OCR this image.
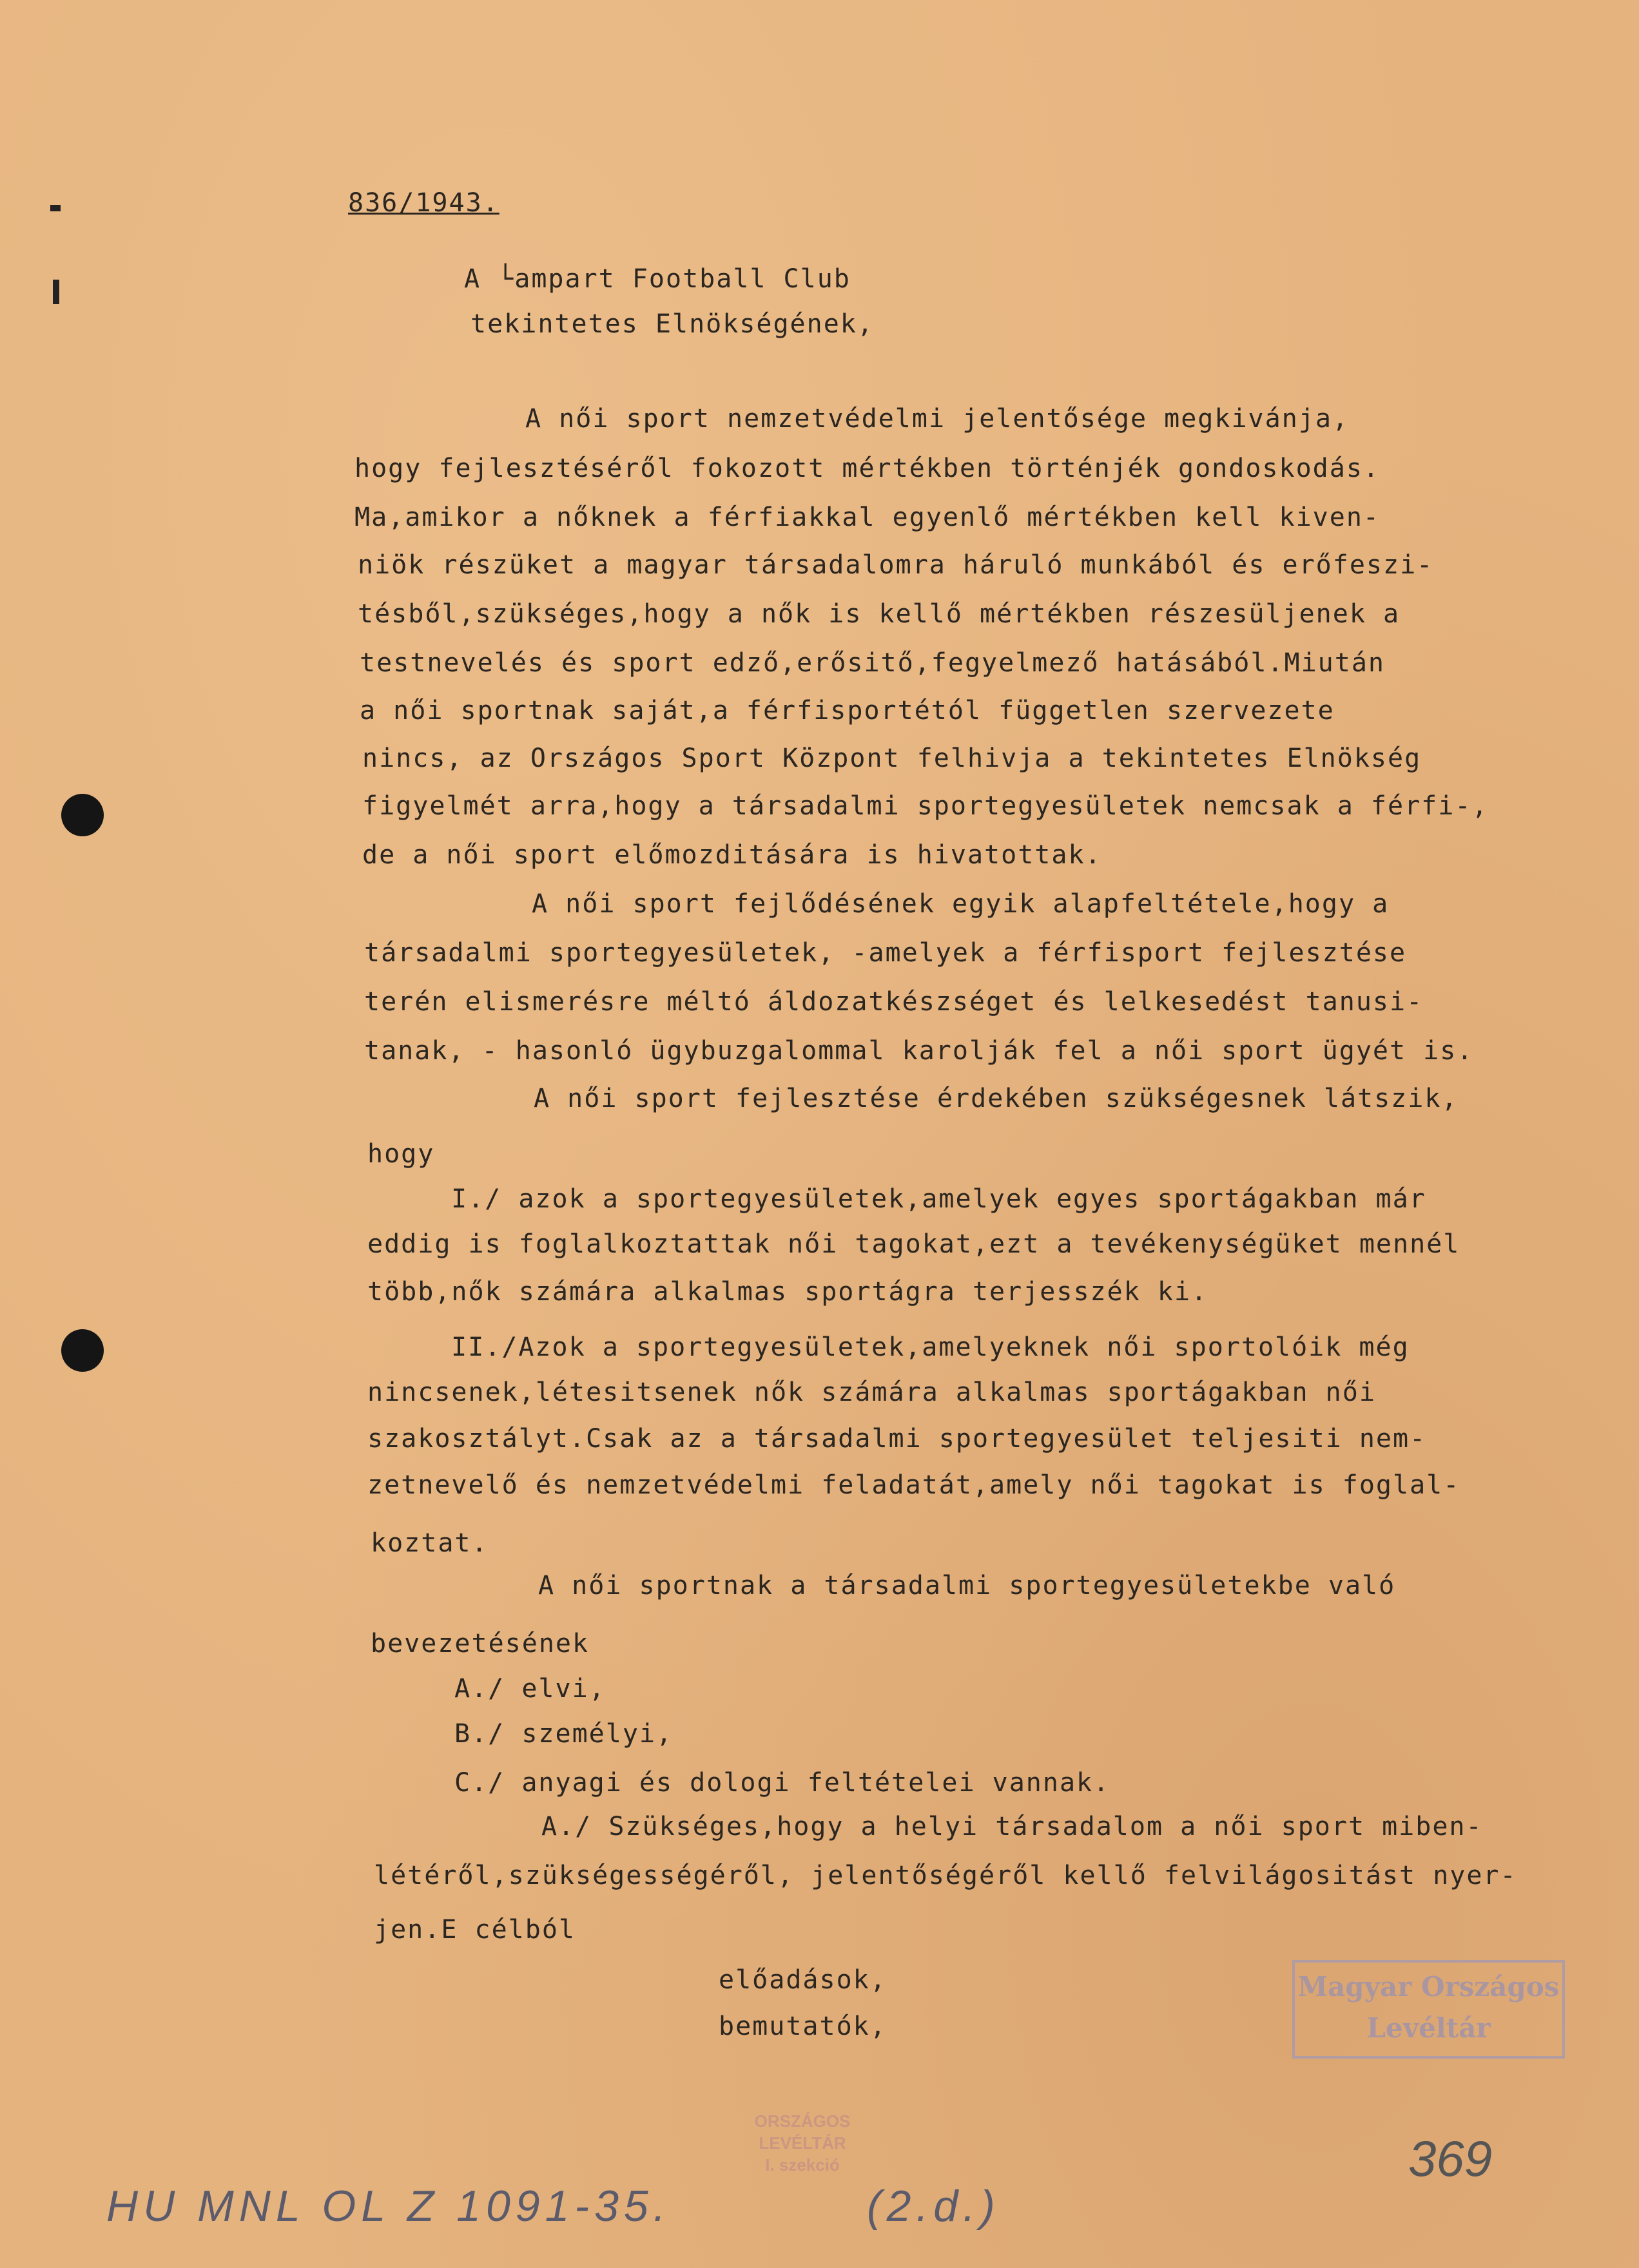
836/1943.
A └ampart Football Club
tekintetes Elnökségének,
A női sport nemzetvédelmi jelentősége megkivánja,
hogy fejlesztéséről fokozott mértékben történjék gondoskodás.
Ma,amikor a nőknek a férfiakkal egyenlő mértékben kell kiven-
niök részüket a magyar társadalomra háruló munkából és erőfeszi-
tésből,szükséges,hogy a nők is kellő mértékben részesüljenek a
testnevelés és sport edző,erősitő,fegyelmező hatásából.Miután
a női sportnak saját,a férfisportétól független szervezete
nincs, az Országos Sport Központ felhivja a tekintetes Elnökség
figyelmét arra,hogy a társadalmi sportegyesületek nemcsak a férfi-,
de a női sport előmozditására is hivatottak.
A női sport fejlődésének egyik alapfeltétele,hogy a
társadalmi sportegyesületek, -amelyek a férfisport fejlesztése
terén elismerésre méltó áldozatkészséget és lelkesedést tanusi-
tanak, - hasonló ügybuzgalommal karolják fel a női sport ügyét is.
A női sport fejlesztése érdekében szükségesnek látszik,
hogy
I./ azok a sportegyesületek,amelyek egyes sportágakban már
eddig is foglalkoztattak női tagokat,ezt a tevékenységüket mennél
több,nők számára alkalmas sportágra terjesszék ki.
II./Azok a sportegyesületek,amelyeknek női sportolóik még
nincsenek,létesitsenek nők számára alkalmas sportágakban női
szakosztályt.Csak az a társadalmi sportegyesület teljesiti nem-
zetnevelő és nemzetvédelmi feladatát,amely női tagokat is foglal-
koztat.
A női sportnak a társadalmi sportegyesületekbe való
bevezetésének
A./ elvi,
B./ személyi,
C./ anyagi és dologi feltételei vannak.
A./ Szükséges,hogy a helyi társadalom a női sport miben-
létéről,szükségességéről, jelentőségéről kellő felvilágositást nyer-
jen.E célból
előadások,
bemutatók,
Magyar Országos
Levéltár
ORSZÁGOS LEVÉLTÁR
I. szekció	369
HU MNL OL Z 1091-35.	(2.d.)
